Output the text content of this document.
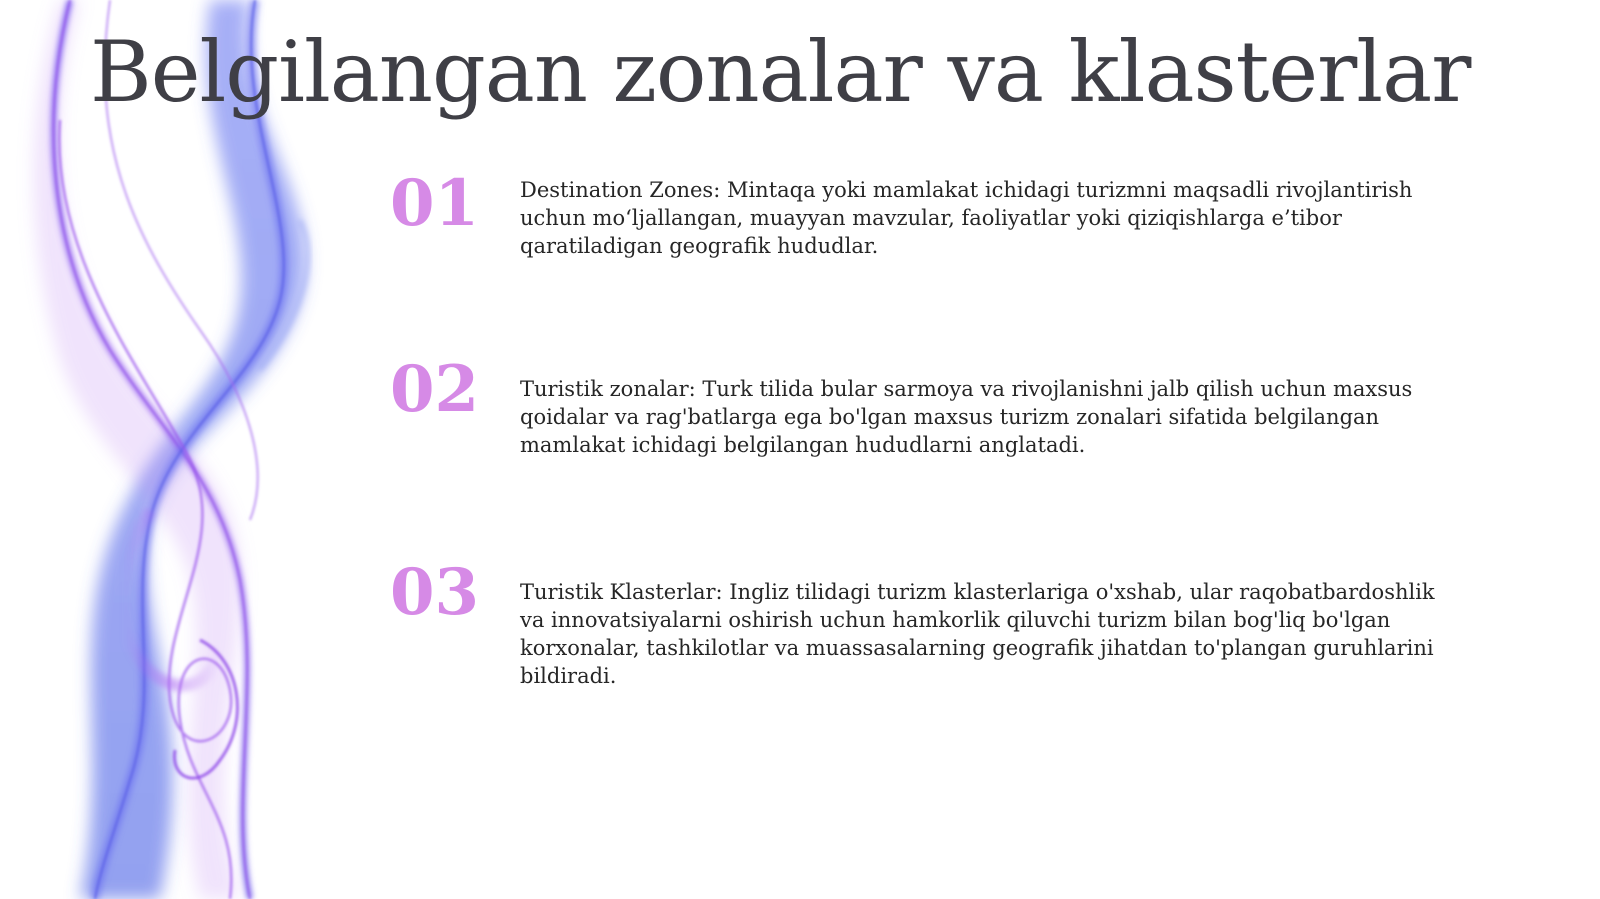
Belgilangan zonalar va klasterlar
01 Destination Zones: Mintaqa yoki mamlakat ichidagi turizmni maqsadli rivojlantirish uchun mo‘ljallangan, muayyan mavzular, faoliyatlar yoki qiziqishlarga e’tibor qaratiladigan geografik hududlar.

02 Turistik zonalar: Turk tilida bular sarmoya va rivojlanishni jalb qilish uchun maxsus qoidalar va rag'batlarga ega bo'lgan maxsus turizm zonalari sifatida belgilangan mamlakat ichidagi belgilangan hududlarni anglatadi.

03 Turistik Klasterlar: Ingliz tilidagi turizm klasterlariga o'xshab, ular raqobatbardoshlik va innovatsiyalarni oshirish uchun hamkorlik qiluvchi turizm bilan bog'liq bo'lgan korxonalar, tashkilotlar va muassasalarning geografik jihatdan to'plangan guruhlarini bildiradi.
